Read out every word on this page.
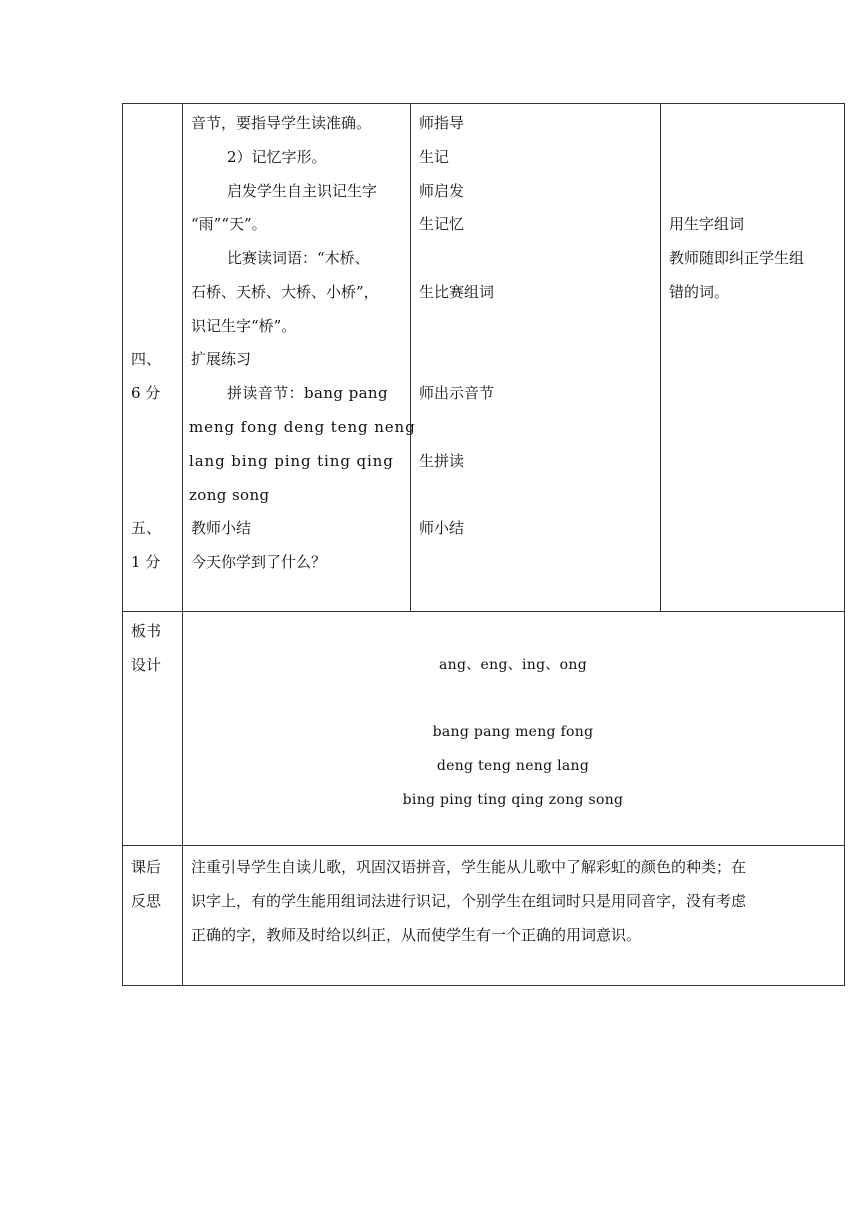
四、
6 分
五、
1 分
音节，要指导学生读准确。
2）记忆字形。
启发学生自主识记生字
“雨”“天”。
比赛读词语：“木桥、
石桥、天桥、大桥、小桥”，
识记生字“桥”。
扩展练习
拼读音节：bang pang
meng fong deng teng neng
lang bing ping ting qing
zong song
教师小结
今天你学到了什么？
师指导
生记
师启发
生记忆
生比赛组词
师出示音节
生拼读
师小结
用生字组词
教师随即纠正学生组
错的词。
板书
设计	ang、eng、ing、ong
bang pang meng fong
deng teng neng lang
bing ping ting qing zong song
课后
反思
注重引导学生自读儿歌，巩固汉语拼音，学生能从儿歌中了解彩虹的颜色的种类；在
识字上，有的学生能用组词法进行识记，个别学生在组词时只是用同音字，没有考虑
正确的字，教师及时给以纠正，从而使学生有一个正确的用词意识。
